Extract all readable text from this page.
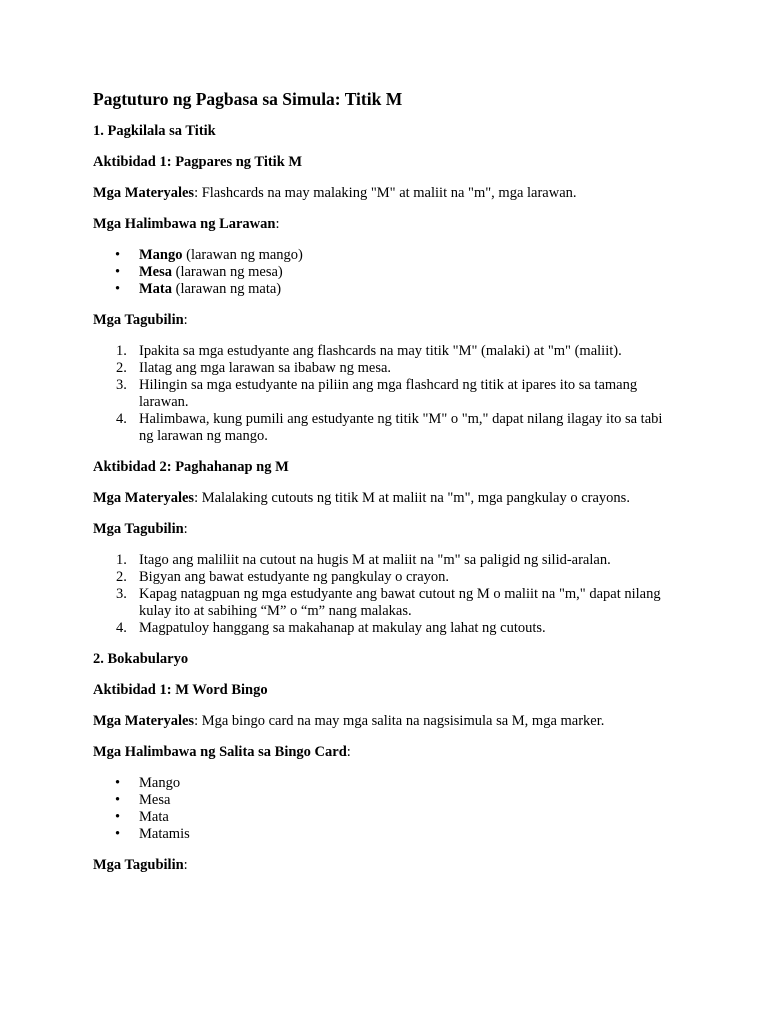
Pagtuturo ng Pagbasa sa Simula: Titik M
1. Pagkilala sa Titik
Aktibidad 1: Pagpares ng Titik M
Mga Materyales: Flashcards na may malaking "M" at maliit na "m", mga larawan.
Mga Halimbawa ng Larawan:
• Mango (larawan ng mango)
• Mesa (larawan ng mesa)
• Mata (larawan ng mata)
Mga Tagubilin:
1. Ipakita sa mga estudyante ang flashcards na may titik "M" (malaki) at "m" (maliit).
2. Ilatag ang mga larawan sa ibabaw ng mesa.
3. Hilingin sa mga estudyante na piliin ang mga flashcard ng titik at ipares ito sa tamang larawan.
4. Halimbawa, kung pumili ang estudyante ng titik "M" o "m," dapat nilang ilagay ito sa tabi ng larawan ng mango.
Aktibidad 2: Paghahanap ng M
Mga Materyales: Malalaking cutouts ng titik M at maliit na "m", mga pangkulay o crayons.
Mga Tagubilin:
1. Itago ang maliliit na cutout na hugis M at maliit na "m" sa paligid ng silid-aralan.
2. Bigyan ang bawat estudyante ng pangkulay o crayon.
3. Kapag natagpuan ng mga estudyante ang bawat cutout ng M o maliit na "m," dapat nilang kulay ito at sabihing “M” o “m” nang malakas.
4. Magpatuloy hanggang sa makahanap at makulay ang lahat ng cutouts.
2. Bokabularyo
Aktibidad 1: M Word Bingo
Mga Materyales: Mga bingo card na may mga salita na nagsisimula sa M, mga marker.
Mga Halimbawa ng Salita sa Bingo Card:
• Mango
• Mesa
• Mata
• Matamis
Mga Tagubilin:
